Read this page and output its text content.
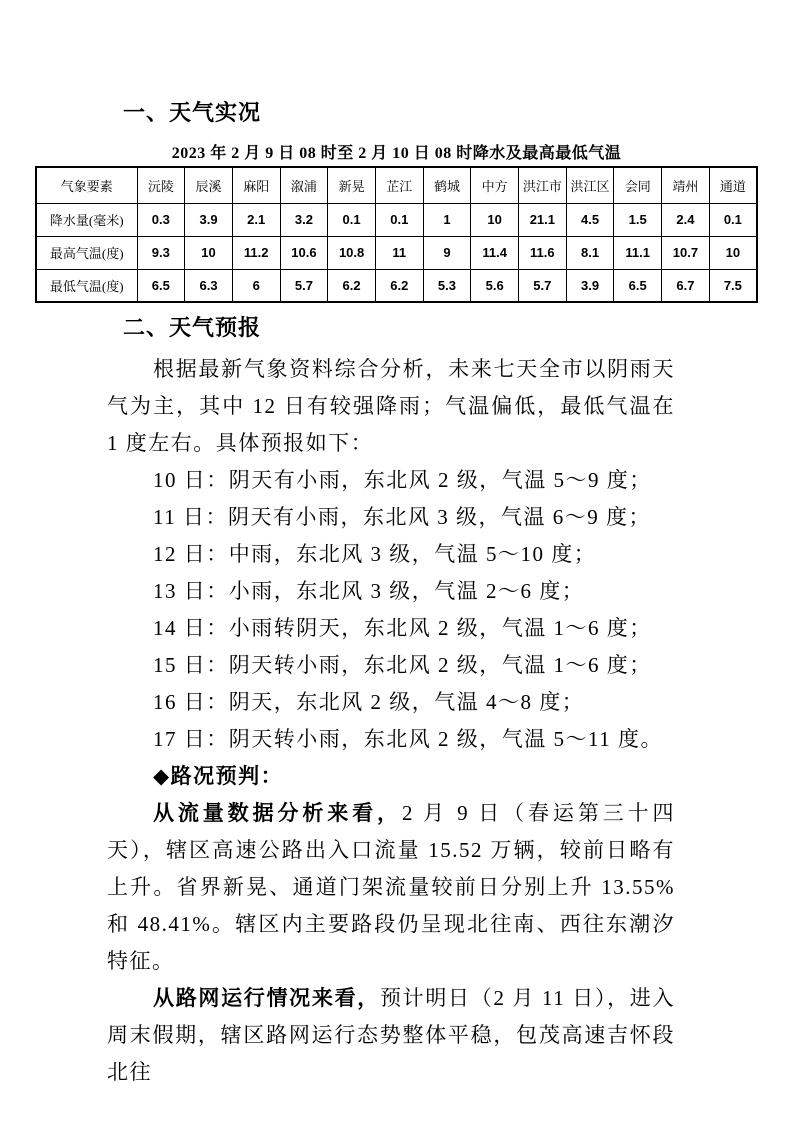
一、天气实况
2023 年 2 月 9 日 08 时至 2 月 10 日 08 时降水及最高最低气温
气象要素	沅陵	辰溪	麻阳	溆浦	新晃	芷江	鹤城	中方	洪江市	洪江区	会同	靖州	通道
降水量(毫米)	0.3	3.9	2.1	3.2	0.1	0.1	1	10	21.1	4.5	1.5	2.4	0.1
最高气温(度)	9.3	10	11.2	10.6	10.8	11	9	11.4	11.6	8.1	11.1	10.7	10
最低气温(度)	6.5	6.3	6	5.7	6.2	6.2	5.3	5.6	5.7	3.9	6.5	6.7	7.5
二、天气预报
根据最新气象资料综合分析，未来七天全市以阴雨天气为主，其中 12 日有较强降雨；气温偏低，最低气温在 1 度左右。具体预报如下：
10 日：阴天有小雨，东北风 2 级，气温 5～9 度；
11 日：阴天有小雨，东北风 3 级，气温 6～9 度；
12 日：中雨，东北风 3 级，气温 5～10 度；
13 日：小雨，东北风 3 级，气温 2～6 度；
14 日：小雨转阴天，东北风 2 级，气温 1～6 度；
15 日：阴天转小雨，东北风 2 级，气温 1～6 度；
16 日：阴天，东北风 2 级，气温 4～8 度；
17 日：阴天转小雨，东北风 2 级，气温 5～11 度。
◆路况预判：
从流量数据分析来看，2 月 9 日（春运第三十四天），辖区高速公路出入口流量 15.52 万辆，较前日略有上升。省界新晃、通道门架流量较前日分别上升 13.55%和 48.41%。辖区内主要路段仍呈现北往南、西往东潮汐特征。
从路网运行情况来看，预计明日（2 月 11 日），进入周末假期，辖区路网运行态势整体平稳，包茂高速吉怀段北往
